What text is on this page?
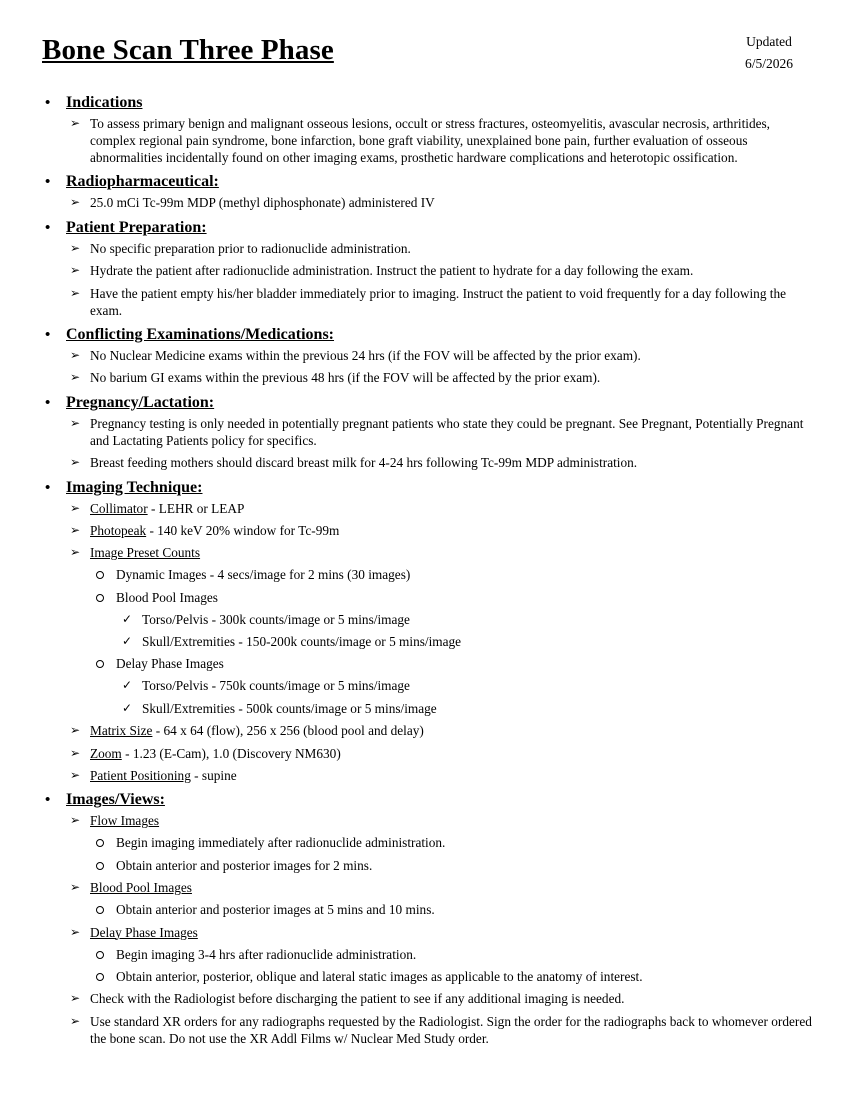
Bone Scan Three Phase	Updated
6/5/2026
• Indications
➢ To assess primary benign and malignant osseous lesions, occult or stress fractures, osteomyelitis, avascular necrosis, arthritides, complex regional pain syndrome, bone infarction, bone graft viability, unexplained bone pain, further evaluation of osseous abnormalities incidentally found on other imaging exams, prosthetic hardware complications and heterotopic ossification.
• Radiopharmaceutical:
➢ 25.0 mCi Tc-99m MDP (methyl diphosphonate) administered IV
• Patient Preparation:
➢ No specific preparation prior to radionuclide administration.
➢ Hydrate the patient after radionuclide administration. Instruct the patient to hydrate for a day following the exam.
➢ Have the patient empty his/her bladder immediately prior to imaging. Instruct the patient to void frequently for a day following the exam.
• Conflicting Examinations/Medications:
➢ No Nuclear Medicine exams within the previous 24 hrs (if the FOV will be affected by the prior exam).
➢ No barium GI exams within the previous 48 hrs (if the FOV will be affected by the prior exam).
• Pregnancy/Lactation:
➢ Pregnancy testing is only needed in potentially pregnant patients who state they could be pregnant. See Pregnant, Potentially Pregnant and Lactating Patients policy for specifics.
➢ Breast feeding mothers should discard breast milk for 4-24 hrs following Tc-99m MDP administration.
• Imaging Technique:
➢ Collimator - LEHR or LEAP
➢ Photopeak - 140 keV 20% window for Tc-99m
➢ Image Preset Counts
Dynamic Images - 4 secs/image for 2 mins (30 images)
Blood Pool Images
✓ Torso/Pelvis - 300k counts/image or 5 mins/image
✓ Skull/Extremities - 150-200k counts/image or 5 mins/image
Delay Phase Images
✓ Torso/Pelvis - 750k counts/image or 5 mins/image
✓ Skull/Extremities - 500k counts/image or 5 mins/image
➢ Matrix Size - 64 x 64 (flow), 256 x 256 (blood pool and delay)
➢ Zoom - 1.23 (E-Cam), 1.0 (Discovery NM630)
➢ Patient Positioning - supine
• Images/Views:
➢ Flow Images
Begin imaging immediately after radionuclide administration.
Obtain anterior and posterior images for 2 mins.
➢ Blood Pool Images
Obtain anterior and posterior images at 5 mins and 10 mins.
➢ Delay Phase Images
Begin imaging 3-4 hrs after radionuclide administration.
Obtain anterior, posterior, oblique and lateral static images as applicable to the anatomy of interest.
➢ Check with the Radiologist before discharging the patient to see if any additional imaging is needed.
➢ Use standard XR orders for any radiographs requested by the Radiologist. Sign the order for the radiographs back to whomever ordered the bone scan. Do not use the XR Addl Films w/ Nuclear Med Study order.
